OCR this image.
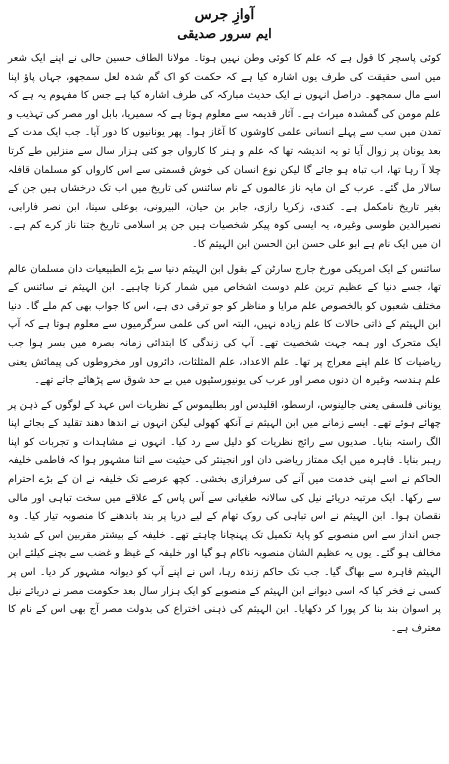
آوازِ جرس
ایم سرور صدیقی

کوئی پاسچر کا قول ہے کہ علم کا کوئی وطن نہیں ہوتا۔ مولانا الطاف حسین حالی نے اپنے ایک شعر میں اسی حقیقت کی طرف یوں اشارہ کیا ہے کہ حکمت کو اک گم شدہ لعل سمجھو، جہاں پاؤ اپنا اسے مال سمجھو۔ دراصل انہوں نے ایک حدیث مبارکہ کی طرف اشارہ کیا ہے جس کا مفہوم یہ ہے کہ علم مومن کی گمشدہ میراث ہے۔ آثار قدیمہ سے معلوم ہوتا ہے کہ سمیریا، بابل اور مصر کی تہذیب و تمدن میں سب سے پہلے انسانی علمی کاوشوں کا آغاز ہوا۔ پھر یونانیوں کا دور آیا۔ جب ایک مدت کے بعد یونان پر زوال آیا تو یہ اندیشہ تھا کہ علم و ہنر کا کارواں جو کئی ہزار سال سے منزلیں طے کرتا چلا آ رہا تھا، اب تباہ ہو جائے گا لیکن نوع انسان کی خوش قسمتی سے اس کارواں کو مسلمان قافلہ سالار مل گئے۔ عرب کے ان مایہ ناز عالموں کے نام سائنس کی تاریخ میں اب تک درخشاں ہیں جن کے بغیر تاریخ نامکمل ہے۔ کندی، زکریا رازی، جابر بن حیان، البیرونی، بوعلی سینا، ابن نصر فارابی، نصیرالدین طوسی وغیرہ، یہ ایسی کوہ پیکر شخصیات ہیں جن پر اسلامی تاریخ جتنا ناز کرے کم ہے۔ ان میں ایک نام ہے ابو علی حسن ابن الحسن ابن الہیثم کا۔

سائنس کے ایک امریکی مورخ جارج سارٹن کے بقول ابن الہیثم دنیا سے بڑے الطبیعیات دان مسلمان عالم تھا، جسے دنیا کے عظیم ترین علم دوست اشخاص میں شمار کرنا چاہیے۔ ابن الہیثم نے سائنس کے مختلف شعبوں کو بالخصوص علم مرایا و مناظر کو جو ترقی دی ہے، اس کا جواب بھی کم ملے گا۔ دنیا ابن الہیثم کے ذاتی حالات کا علم زیادہ نہیں، البتہ اس کی علمی سرگرمیوں سے معلوم ہوتا ہے کہ آپ ایک متحرک اور ہمہ جہت شخصیت تھے۔ آپ کی زندگی کا ابتدائی زمانہ بصرہ میں بسر ہوا جب ریاضیات کا علم اپنے معراج پر تھا۔ علم الاعداد، علم المثلثات، دائروں اور مخروطوں کی پیمائش یعنی علم ہندسہ وغیرہ ان دنوں مصر اور عرب کی یونیورسٹیوں میں بے حد شوق سے پڑھائے جاتے تھے۔

یونانی فلسفی یعنی جالینوس، ارسطو، اقلیدس اور بطلیموس کے نظریات اس عہد کے لوگوں کے ذہن پر چھائے ہوئے تھے۔ ایسے زمانے میں ابن الہیثم نے آنکھ کھولی لیکن انہوں نے اندھا دھند تقلید کے بجائے اپنا الگ راستہ بنایا۔ صدیوں سے رائج نظریات کو دلیل سے رد کیا۔ انہوں نے مشاہدات و تجربات کو اپنا رہبر بنایا۔ قاہرہ میں ایک ممتاز ریاضی دان اور انجینئر کی حیثیت سے اتنا مشہور ہوا کہ فاطمی خلیفہ الحاکم نے اسے اپنی خدمت میں آنے کی سرفرازی بخشی۔ کچھ عرصے تک خلیفہ نے ان کے بڑے احترام سے رکھا۔ ایک مرتبہ دریائے نیل کی سالانہ طغیانی سے آس پاس کے علاقے میں سخت تباہی اور مالی نقصان ہوا۔ ابن الہیثم نے اس تباہی کی روک تھام کے لیے دریا پر بند باندھنے کا منصوبہ تیار کیا۔ وہ جس انداز سے اس منصوبے کو پایۂ تکمیل تک پہنچانا چاہتے تھے۔ خلیفہ کے بیشتر مقربین اس کے شدید مخالف ہو گئے۔ یوں یہ عظیم الشان منصوبہ ناکام ہو گیا اور خلیفہ کے غیظ و غضب سے بچنے کیلئے ابن الہیثم قاہرہ سے بھاگ گیا۔ جب تک حاکم زندہ رہا، اس نے اپنے آپ کو دیوانہ مشہور کر دیا۔ اس پر کسی نے فخر کیا کہ اسی دیوانے ابن الہیثم کے منصوبے کو ایک ہزار سال بعد حکومت مصر نے دریائے نیل پر اسوان بند بنا کر پورا کر دکھایا۔ ابن الہیثم کی ذہنی اختراع کی بدولت مصر آج بھی اس کے نام کا معترف ہے۔
